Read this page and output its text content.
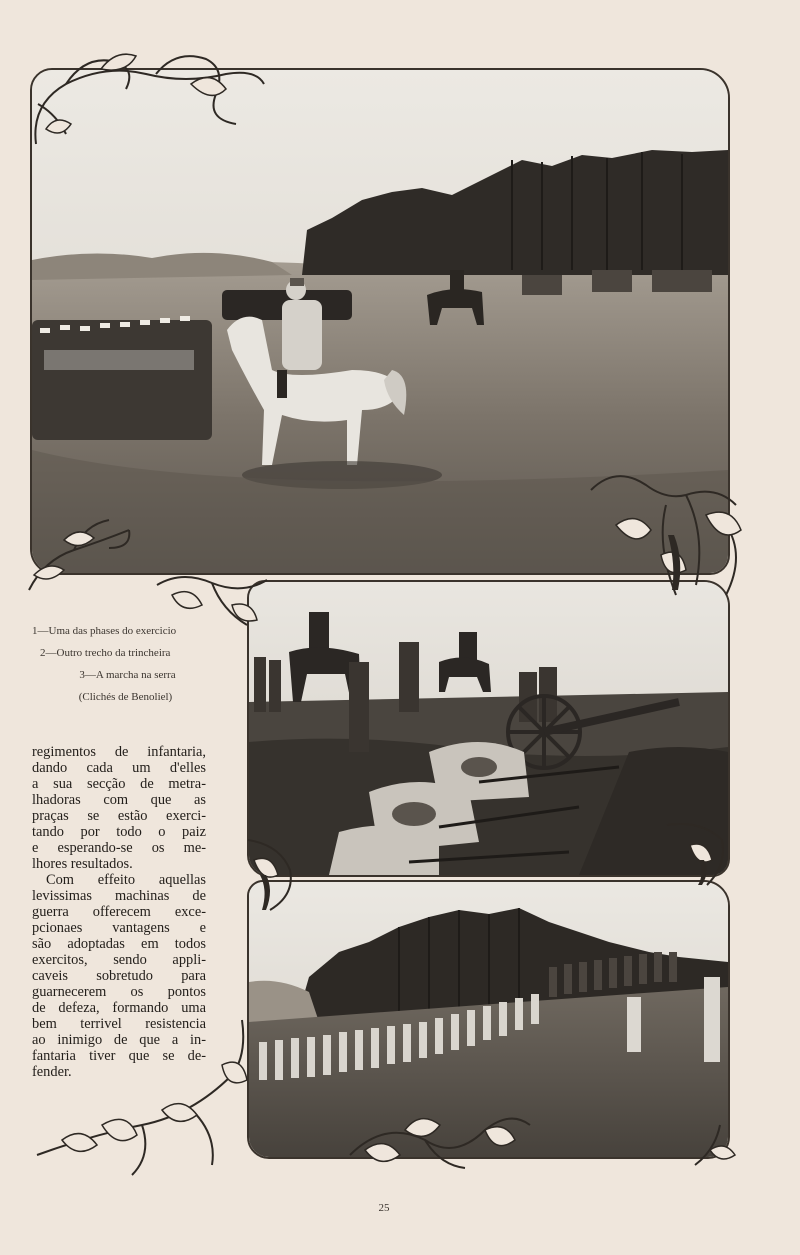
1—Uma das phases do exercicio
2—Outro trecho da trincheira
3—A marcha na serra
(Clichés de Benoliel)

regimentos de infantaria,
dando cada um d'elles
a sua secção de metra-
lhadoras com que as
praças se estão exerci-
tando por todo o paiz
e esperando-se os me-
lhores resultados.

Com effeito aquellas
levissimas machinas de
guerra offerecem exce-
pcionaes vantagens e
são adoptadas em todos
exercitos, sendo appli-
caveis sobretudo para
guarnecerem os pontos
de defeza, formando uma
bem terrivel resistencia
ao inimigo de que a in-
fantaria tiver que se de-
fender.

25
